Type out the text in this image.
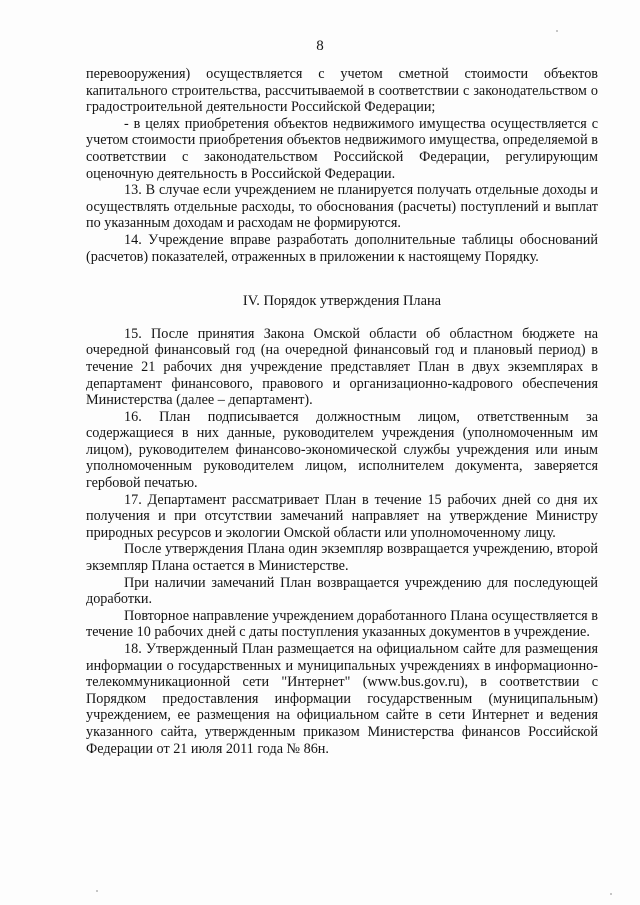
8

перевооружения) осуществляется с учетом сметной стоимости объектов капитального строительства, рассчитываемой в соответствии с законодательством о градостроительной деятельности Российской Федерации;

- в целях приобретения объектов недвижимого имущества осуществляется с учетом стоимости приобретения объектов недвижимого имущества, определяемой в соответствии с законодательством Российской Федерации, регулирующим оценочную деятельность в Российской Федерации.

13. В случае если учреждением не планируется получать отдельные доходы и осуществлять отдельные расходы, то обоснования (расчеты) поступлений и выплат по указанным доходам и расходам не формируются.

14. Учреждение вправе разработать дополнительные таблицы обоснований (расчетов) показателей, отраженных в приложении к настоящему Порядку.

IV. Порядок утверждения Плана

15. После принятия Закона Омской области об областном бюджете на очередной финансовый год (на очередной финансовый год и плановый период) в течение 21 рабочих дня учреждение представляет План в двух экземплярах в департамент финансового, правового и организационно-кадрового обеспечения Министерства (далее – департамент).

16. План подписывается должностным лицом, ответственным за содержащиеся в них данные, руководителем учреждения (уполномоченным им лицом), руководителем финансово-экономической службы учреждения или иным уполномоченным руководителем лицом, исполнителем документа, заверяется гербовой печатью.

17. Департамент рассматривает План в течение 15 рабочих дней со дня их получения и при отсутствии замечаний направляет на утверждение Министру природных ресурсов и экологии Омской области или уполномоченному лицу.

После утверждения Плана один экземпляр возвращается учреждению, второй экземпляр Плана остается в Министерстве.

При наличии замечаний План возвращается учреждению для последующей доработки.

Повторное направление учреждением доработанного Плана осуществляется в течение 10 рабочих дней с даты поступления указанных документов в учреждение.

18. Утвержденный План размещается на официальном сайте для размещения информации о государственных и муниципальных учреждениях в информационно-телекоммуникационной сети "Интернет" (www.bus.gov.ru), в соответствии с Порядком предоставления информации государственным (муниципальным) учреждением, ее размещения на официальном сайте в сети Интернет и ведения указанного сайта, утвержденным приказом Министерства финансов Российской Федерации от 21 июля 2011 года № 86н.
